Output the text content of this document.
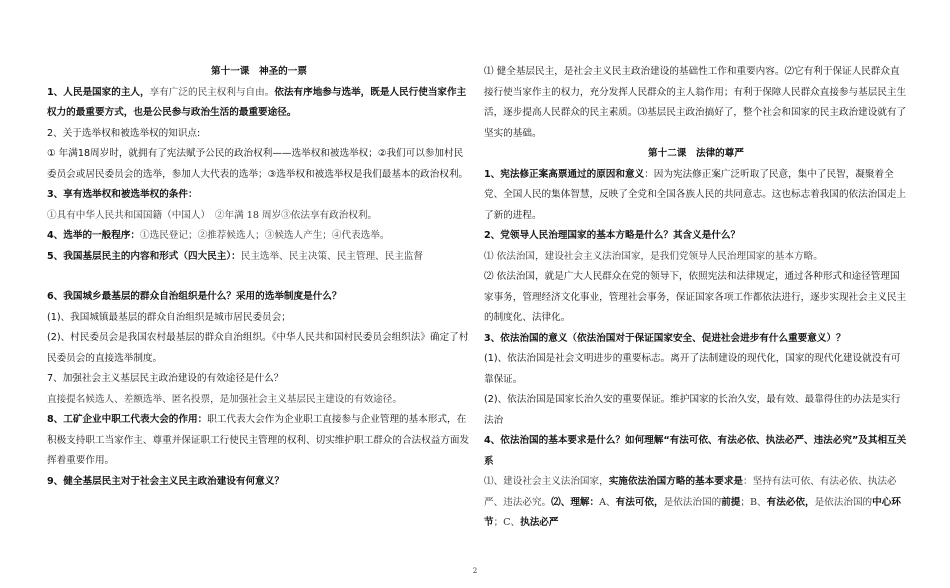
第十一课　神圣的一票

1、人民是国家的主人，享有广泛的民主权利与自由。依法有序地参与选举，既是人民行使当家作主权力的最重要方式，也是公民参与政治生活的最重要途径。

2、关于选举权和被选举权的知识点:

① 年满18周岁时，就拥有了宪法赋予公民的政治权利——选举权和被选举权；②我们可以参加村民委员会或居民委员会的选举，参加人大代表的选举；③选举权和被选举权是我们最基本的政治权利。

3、享有选举权和被选举权的条件：

①具有中华人民共和国国籍（中国人）　②年满 18 周岁③依法享有政治权利。

4、选举的一般程序：①选民登记；②推荐候选人；③候选人产生；④代表选举。

5、我国基层民主的内容和形式（四大民主）：民主选举、民主决策、民主管理、民主监督

6、我国城乡最基层的群众自治组织是什么？采用的选举制度是什么？

(1)、我国城镇最基层的群众自治组织是城市居民委员会；

(2)、村民委员会是我国农村最基层的群众自治组织。《中华人民共和国村民委员会组织法》确定了村民委员会的直接选举制度。

7、加强社会主义基层民主政治建设的有效途径是什么？

直接提名候选人、差额选举、匿名投票，是加强社会主义基层民主建设的有效途径。

8、工矿企业中职工代表大会的作用：职工代表大会作为企业职工直接参与企业管理的基本形式，在积极支持职工当家作主、尊重并保证职工行使民主管理的权利、切实维护职工群众的合法权益方面发挥着重要作用。

9、健全基层民主对于社会主义民主政治建设有何意义？

⑴ 健全基层民主，是社会主义民主政治建设的基础性工作和重要内容。⑵它有利于保证人民群众直接行使当家作主的权力，充分发挥人民群众的主人翁作用；有利于保障人民群众直接参与基层民主生活，逐步提高人民群众的民主素质。⑶基层民主政治搞好了，整个社会和国家的民主政治建设就有了坚实的基础。

第十二课　法律的尊严

1、宪法修正案高票通过的原因和意义：因为宪法修正案广泛听取了民意，集中了民智，凝聚着全党、全国人民的集体智慧，反映了全党和全国各族人民的共同意志。这也标志着我国的依法治国走上了新的进程。

2、党领导人民治理国家的基本方略是什么？其含义是什么？

⑴ 依法治国，建设社会主义法治国家，是我们党领导人民治理国家的基本方略。

⑵ 依法治国，就是广大人民群众在党的领导下，依照宪法和法律规定，通过各种形式和途径管理国家事务，管理经济文化事业，管理社会事务，保证国家各项工作都依法进行，逐步实现社会主义民主的制度化、法律化。

3、依法治国的意义（依法治国对于保证国家安全、促进社会进步有什么重要意义）？

(1)、依法治国是社会文明进步的重要标志。离开了法制建设的现代化，国家的现代化建设就没有可靠保证。

(2)、依法治国是国家长治久安的重要保证。维护国家的长治久安，最有效、最靠得住的办法是实行法治

4、依法治国的基本要求是什么？如何理解“有法可依、有法必依、执法必严、违法必究”及其相互关系

⑴、建设社会主义法治国家，实施依法治国方略的基本要求是：坚持有法可依、有法必依、执法必严、违法必究。⑵、理解：A、有法可依，是依法治国的前提；B、有法必依，是依法治国的中心环节；C、执法必严

2
